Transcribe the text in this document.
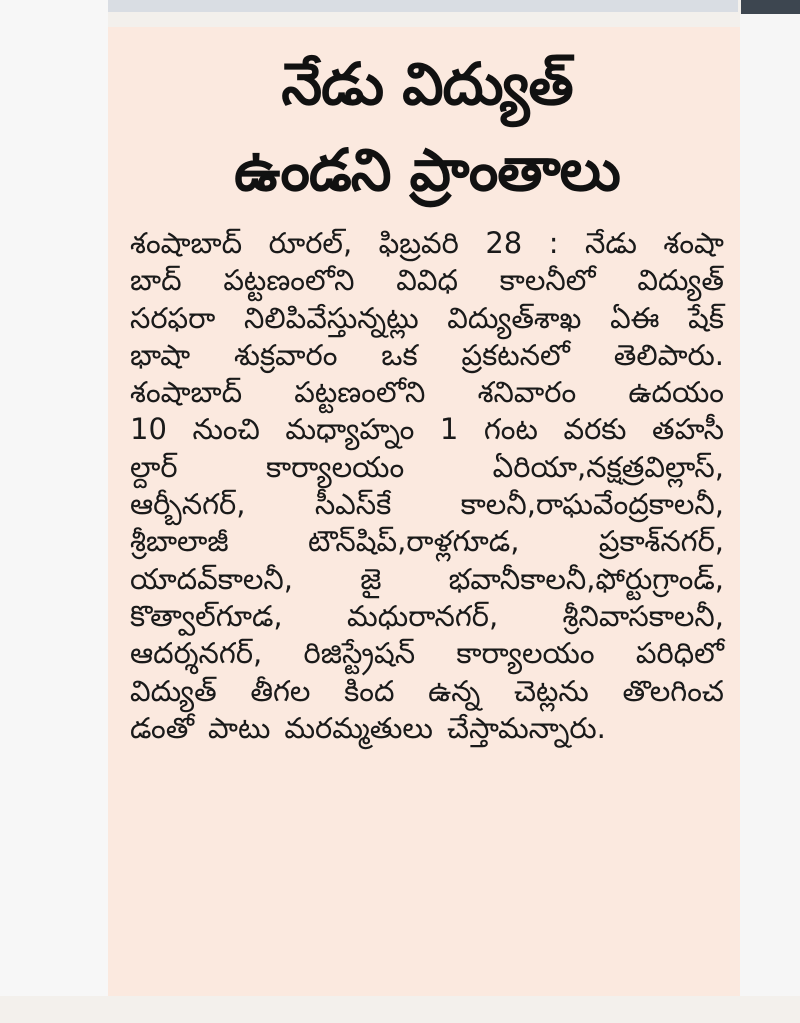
నేడు విద్యుత్
ఉండని ప్రాంతాలు
శంషాబాద్ రూరల్, ఫిబ్రవరి 28 : నేడు శంషా
బాద్ పట్టణంలోని వివిధ కాలనీలో విద్యుత్
సరఫరా నిలిపివేస్తున్నట్లు విద్యుత్‌శాఖ ఏఈ షేక్
భాషా శుక్రవారం ఒక ప్రకటనలో తెలిపారు.
శంషాబాద్ పట్టణంలోని శనివారం ఉదయం
10 నుంచి మధ్యాహ్నం 1 గంట వరకు తహసీ
ల్దార్	కార్యాలయం	ఏరియా,నక్షత్రవిల్లాస్,
ఆర్బీనగర్, సీఎస్‌కే కాలనీ,రాఘవేంద్రకాలనీ,
శ్రీబాలాజీ	టౌన్‌షిప్,రాళ్లగూడ,	ప్రకాశ్‌నగర్,
యాదవ్‌కాలనీ, జై భవానీకాలనీ,ఫోర్టుగ్రాండ్,
కొత్వాల్‌గూడ, మధురానగర్, శ్రీనివాసకాలనీ,
ఆదర్శనగర్, రిజిస్ట్రేషన్ కార్యాలయం పరిధిలో
విద్యుత్ తీగల కింద ఉన్న చెట్లను తొలగించ
డంతో పాటు మరమ్మతులు చేస్తామన్నారు.
